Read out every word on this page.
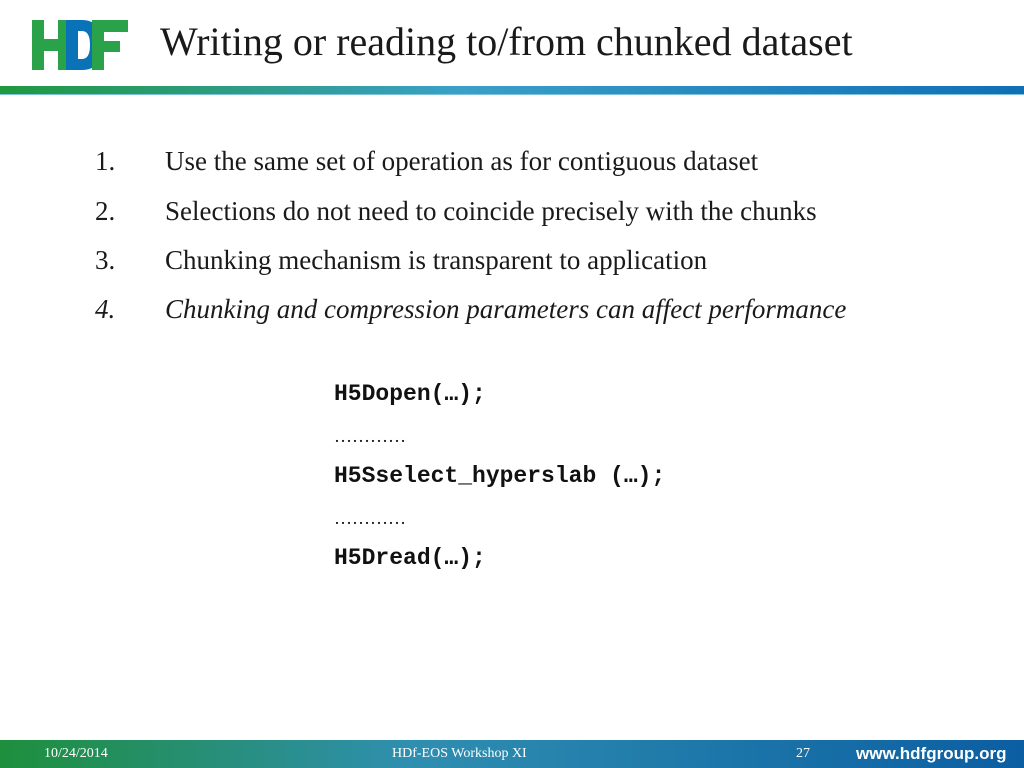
Writing or reading to/from chunked dataset
1. Use the same set of operation as for contiguous dataset
2. Selections do not need to coincide precisely with the chunks
3. Chunking mechanism is transparent to application
4. Chunking and compression parameters can affect performance
H5Dopen(…);
…………
H5Sselect_hyperslab (…);
…………
H5Dread(…);
10/24/2014	HDf-EOS Workshop XI	27	www.hdfgroup.org
